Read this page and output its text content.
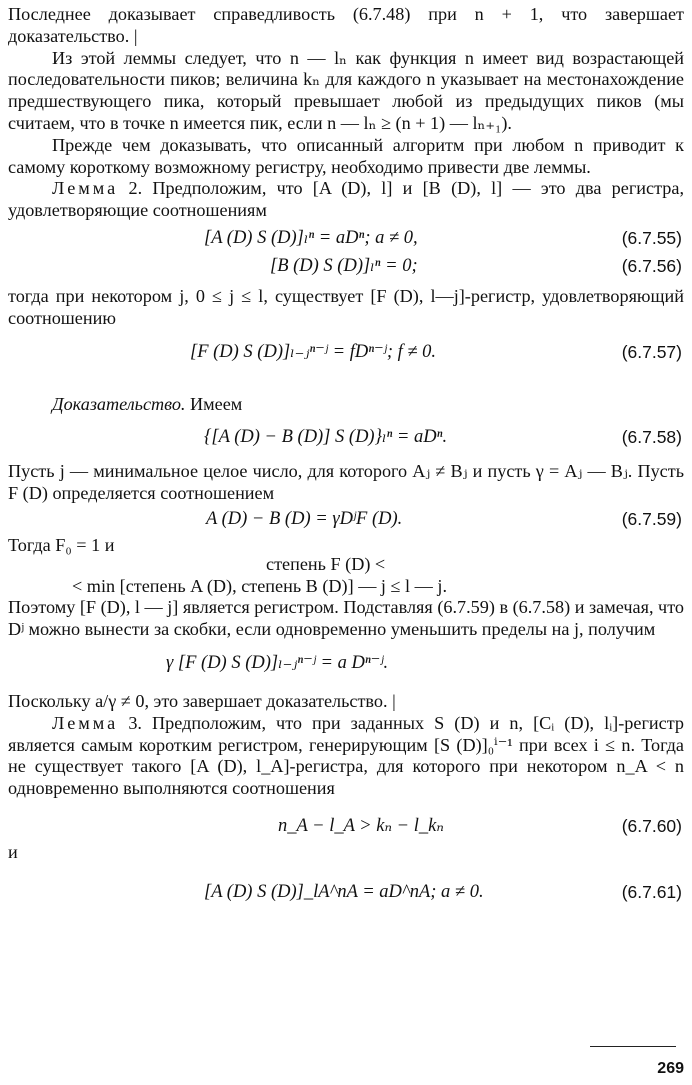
Последнее доказывает справедливость (6.7.48) при n + 1, что завершает доказательство. |

Из этой леммы следует, что n — lₙ как функция n имеет вид возрастающей последовательности пиков; величина kₙ для каждого n указывает на местонахождение предшествующего пика, который превышает любой из предыдущих пиков (мы считаем, что в точке n имеется пик, если n — lₙ ≥ (n + 1) — lₙ₊₁).

Прежде чем доказывать, что описанный алгоритм при любом n приводит к самому короткому возможному регистру, необходимо привести две леммы.

Лемма 2. Предположим, что [A (D), l] и [B (D), l] — это два регистра, удовлетворяющие соотношениям

[A (D) S (D)]ₗⁿ = aDⁿ; a ≠ 0,	(6.7.55)
[B (D) S (D)]ₗⁿ = 0;	(6.7.56)

тогда при некотором j, 0 ≤ j ≤ l, существует [F (D), l—j]-регистр, удовлетворяющий соотношению

[F (D) S (D)]ₗ₋ⱼⁿ⁻ʲ = fDⁿ⁻ʲ; f ≠ 0.	(6.7.57)

Доказательство. Имеем

{[A (D) − B (D)] S (D)}ₗⁿ = aDⁿ.	(6.7.58)

Пусть j — минимальное целое число, для которого Aⱼ ≠ Bⱼ и пусть γ = Aⱼ — Bⱼ. Пусть F (D) определяется соотношением

A (D) − B (D) = γDʲF (D).	(6.7.59)

Тогда F₀ = 1 и

степень F (D) <

< min [степень A (D), степень B (D)] — j ≤ l — j.

Поэтому [F (D), l — j] является регистром. Подставляя (6.7.59) в (6.7.58) и замечая, что Dʲ можно вынести за скобки, если одновременно уменьшить пределы на j, получим

γ [F (D) S (D)]ₗ₋ⱼⁿ⁻ʲ = a Dⁿ⁻ʲ.

Поскольку a/γ ≠ 0, это завершает доказательство. |

Лемма 3. Предположим, что при заданных S (D) и n, [Cᵢ (D), lᵢ]-регистр является самым коротким регистром, генерирующим [S (D)]₀ⁱ⁻¹ при всех i ≤ n. Тогда не существует такого [A (D), l_A]-регистра, для которого при некотором n_A < n одновременно выполняются соотношения

n_A − l_A > kₙ − l_kₙ	(6.7.60)

и

[A (D) S (D)]_lA^nA = aD^nA; a ≠ 0.	(6.7.61)
269
